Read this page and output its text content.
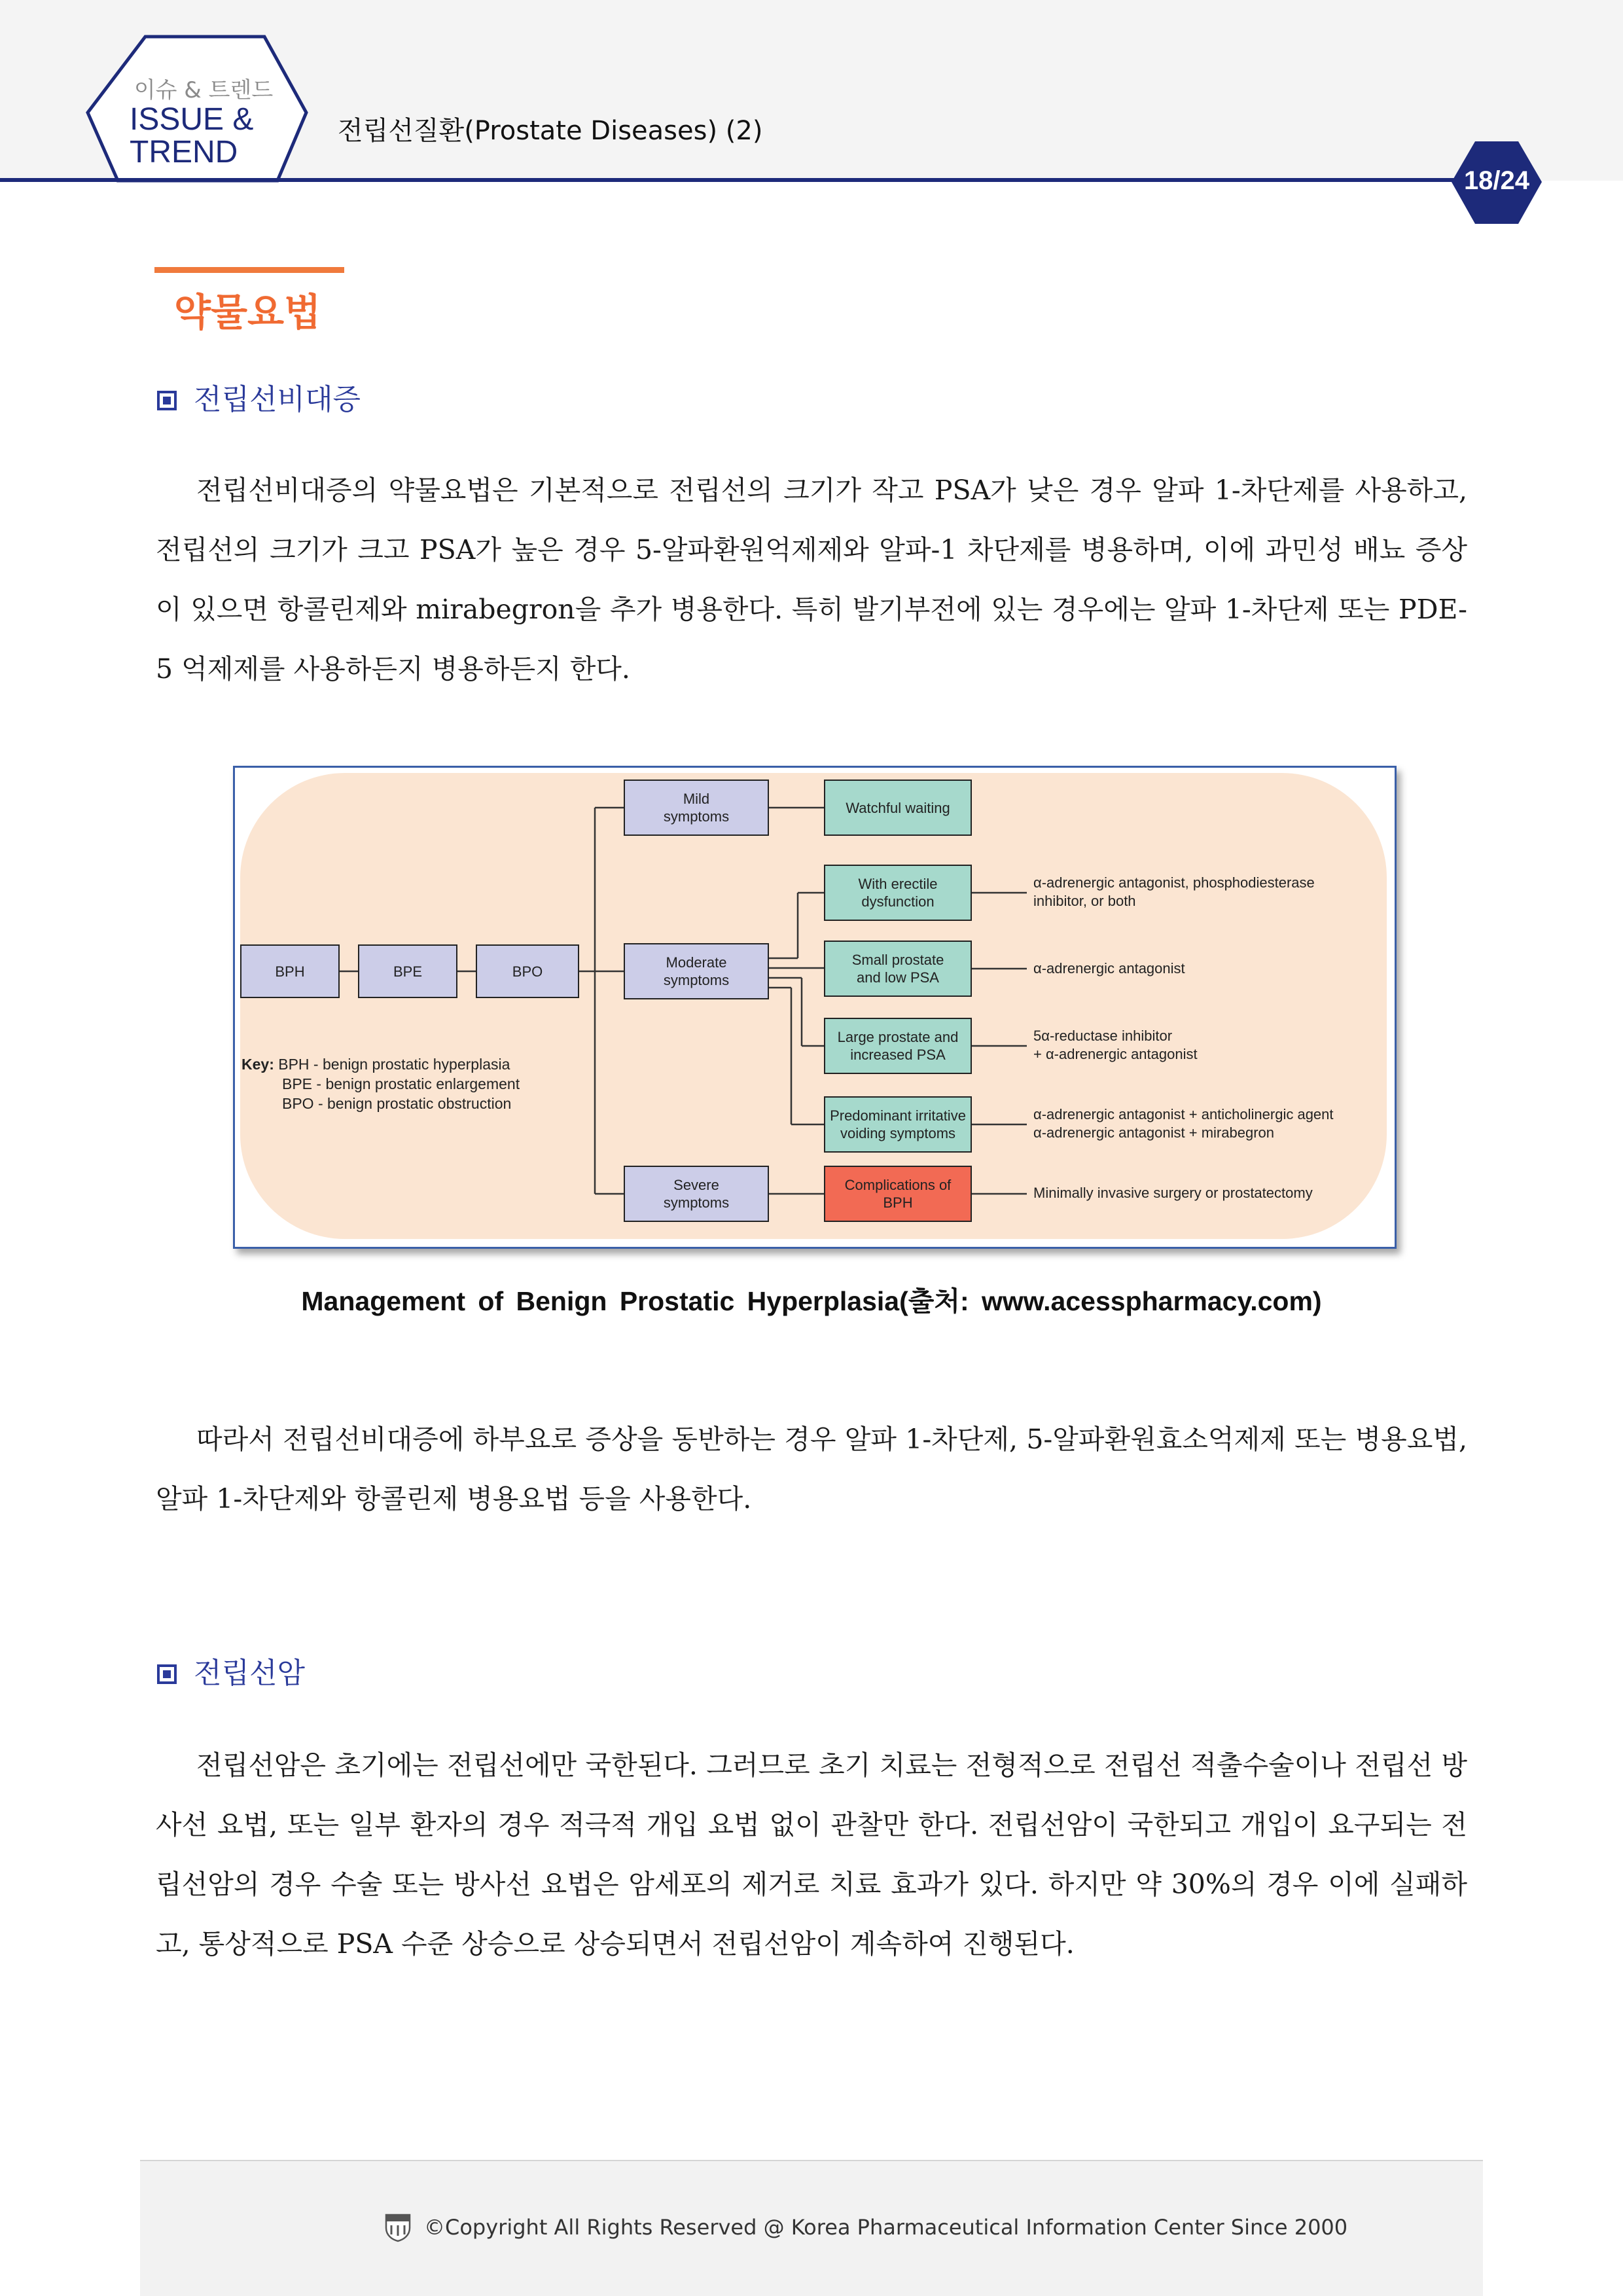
이슈 & 트렌드
ISSUE &
TREND
전립선질환(Prostate Diseases) (2)
18/24
약물요법
전립선비대증

전립선비대증의 약물요법은 기본적으로 전립선의 크기가 작고 PSA가 낮은 경우 알파 1-차단제를 사용하고, 전립선의 크기가 크고 PSA가 높은 경우 5-알파환원억제제와 알파-1 차단제를 병용하며, 이에 과민성 배뇨 증상이 있으면 항콜린제와 mirabegron을 추가 병용한다. 특히 발기부전에 있는 경우에는 알파 1-차단제 또는 PDE-5 억제제를 사용하든지 병용하든지 한다.

BPH	BPE	BPO
Mild symptoms
Moderate symptoms
Severe symptoms
Watchful waiting
With erectile dysfunction
Small prostate and low PSA
Large prostate and increased PSA
Predominant irritative voiding symptoms
Complications of BPH
α-adrenergic antagonist, phosphodiesterase
inhibitor, or both
α-adrenergic antagonist
5α-reductase inhibitor
+ α-adrenergic antagonist
α-adrenergic antagonist + anticholinergic agent
α-adrenergic antagonist + mirabegron
Minimally invasive surgery or prostatectomy
Key: BPH - benign prostatic hyperplasia
BPE - benign prostatic enlargement
BPO - benign prostatic obstruction
Management of Benign Prostatic Hyperplasia(출처: www.acesspharmacy.com)

따라서 전립선비대증에 하부요로 증상을 동반하는 경우 알파 1-차단제, 5-알파환원효소억제제 또는 병용요법, 알파 1-차단제와 항콜린제 병용요법 등을 사용한다.

전립선암

전립선암은 초기에는 전립선에만 국한된다. 그러므로 초기 치료는 전형적으로 전립선 적출수술이나 전립선 방사선 요법, 또는 일부 환자의 경우 적극적 개입 요법 없이 관찰만 한다. 전립선암이 국한되고 개입이 요구되는 전립선암의 경우 수술 또는 방사선 요법은 암세포의 제거로 치료 효과가 있다. 하지만 약 30%의 경우 이에 실패하고, 통상적으로 PSA 수준 상승으로 상승되면서 전립선암이 계속하여 진행된다.

©Copyright All Rights Reserved @ Korea Pharmaceutical Information Center Since 2000
